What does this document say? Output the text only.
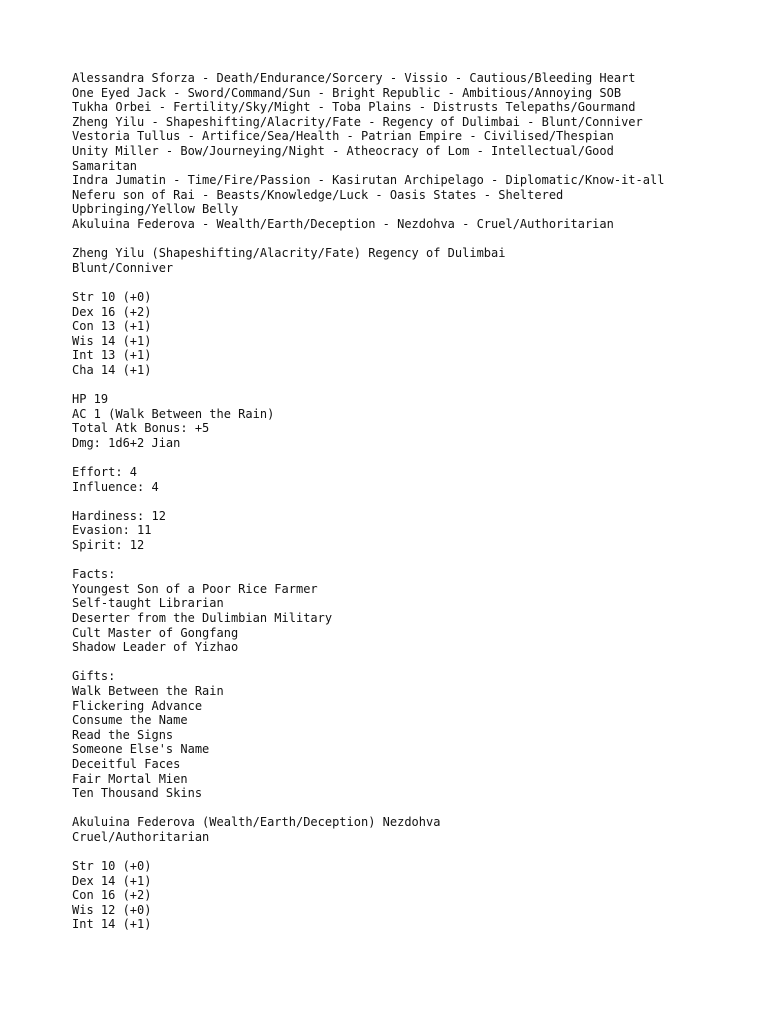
Alessandra Sforza - Death/Endurance/Sorcery - Vissio - Cautious/Bleeding Heart
One Eyed Jack - Sword/Command/Sun - Bright Republic - Ambitious/Annoying SOB
Tukha Orbei - Fertility/Sky/Might - Toba Plains - Distrusts Telepaths/Gourmand
Zheng Yilu - Shapeshifting/Alacrity/Fate - Regency of Dulimbai - Blunt/Conniver
Vestoria Tullus - Artifice/Sea/Health - Patrian Empire - Civilised/Thespian
Unity Miller - Bow/Journeying/Night - Atheocracy of Lom - Intellectual/Good
Samaritan
Indra Jumatin - Time/Fire/Passion - Kasirutan Archipelago - Diplomatic/Know-it-all
Neferu son of Rai - Beasts/Knowledge/Luck - Oasis States - Sheltered
Upbringing/Yellow Belly
Akuluina Federova - Wealth/Earth/Deception - Nezdohva - Cruel/Authoritarian
Zheng Yilu (Shapeshifting/Alacrity/Fate) Regency of Dulimbai
Blunt/Conniver
Str 10 (+0)
Dex 16 (+2)
Con 13 (+1)
Wis 14 (+1)
Int 13 (+1)
Cha 14 (+1)
HP 19
AC 1 (Walk Between the Rain)
Total Atk Bonus: +5
Dmg: 1d6+2 Jian
Effort: 4
Influence: 4
Hardiness: 12
Evasion: 11
Spirit: 12
Facts:
Youngest Son of a Poor Rice Farmer
Self-taught Librarian
Deserter from the Dulimbian Military
Cult Master of Gongfang
Shadow Leader of Yizhao
Gifts:
Walk Between the Rain
Flickering Advance
Consume the Name
Read the Signs
Someone Else's Name
Deceitful Faces
Fair Mortal Mien
Ten Thousand Skins
Akuluina Federova (Wealth/Earth/Deception) Nezdohva
Cruel/Authoritarian
Str 10 (+0)
Dex 14 (+1)
Con 16 (+2)
Wis 12 (+0)
Int 14 (+1)
